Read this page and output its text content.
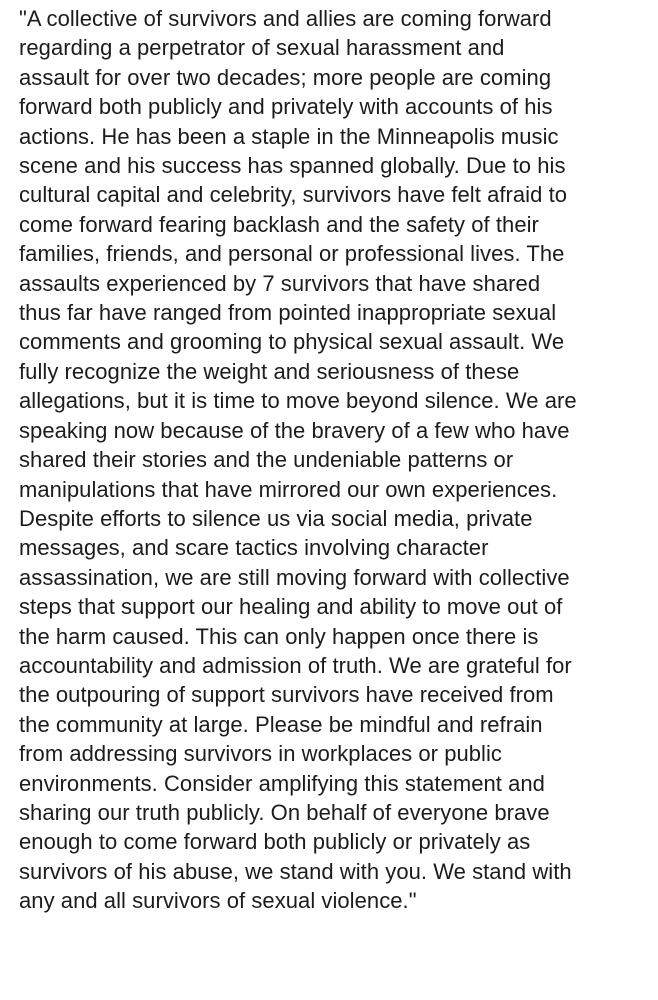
"A collective of survivors and allies are coming forward
regarding a perpetrator of sexual harassment and
assault for over two decades; more people are coming
forward both publicly and privately with accounts of his
actions. He has been a staple in the Minneapolis music
scene and his success has spanned globally. Due to his
cultural capital and celebrity, survivors have felt afraid to
come forward fearing backlash and the safety of their
families, friends, and personal or professional lives. The
assaults experienced by 7 survivors that have shared
thus far have ranged from pointed inappropriate sexual
comments and grooming to physical sexual assault. We
fully recognize the weight and seriousness of these
allegations, but it is time to move beyond silence. We are
speaking now because of the bravery of a few who have
shared their stories and the undeniable patterns or
manipulations that have mirrored our own experiences.
Despite efforts to silence us via social media, private
messages, and scare tactics involving character
assassination, we are still moving forward with collective
steps that support our healing and ability to move out of
the harm caused. This can only happen once there is
accountability and admission of truth. We are grateful for
the outpouring of support survivors have received from
the community at large. Please be mindful and refrain
from addressing survivors in workplaces or public
environments. Consider amplifying this statement and
sharing our truth publicly. On behalf of everyone brave
enough to come forward both publicly or privately as
survivors of his abuse, we stand with you. We stand with
any and all survivors of sexual violence."
